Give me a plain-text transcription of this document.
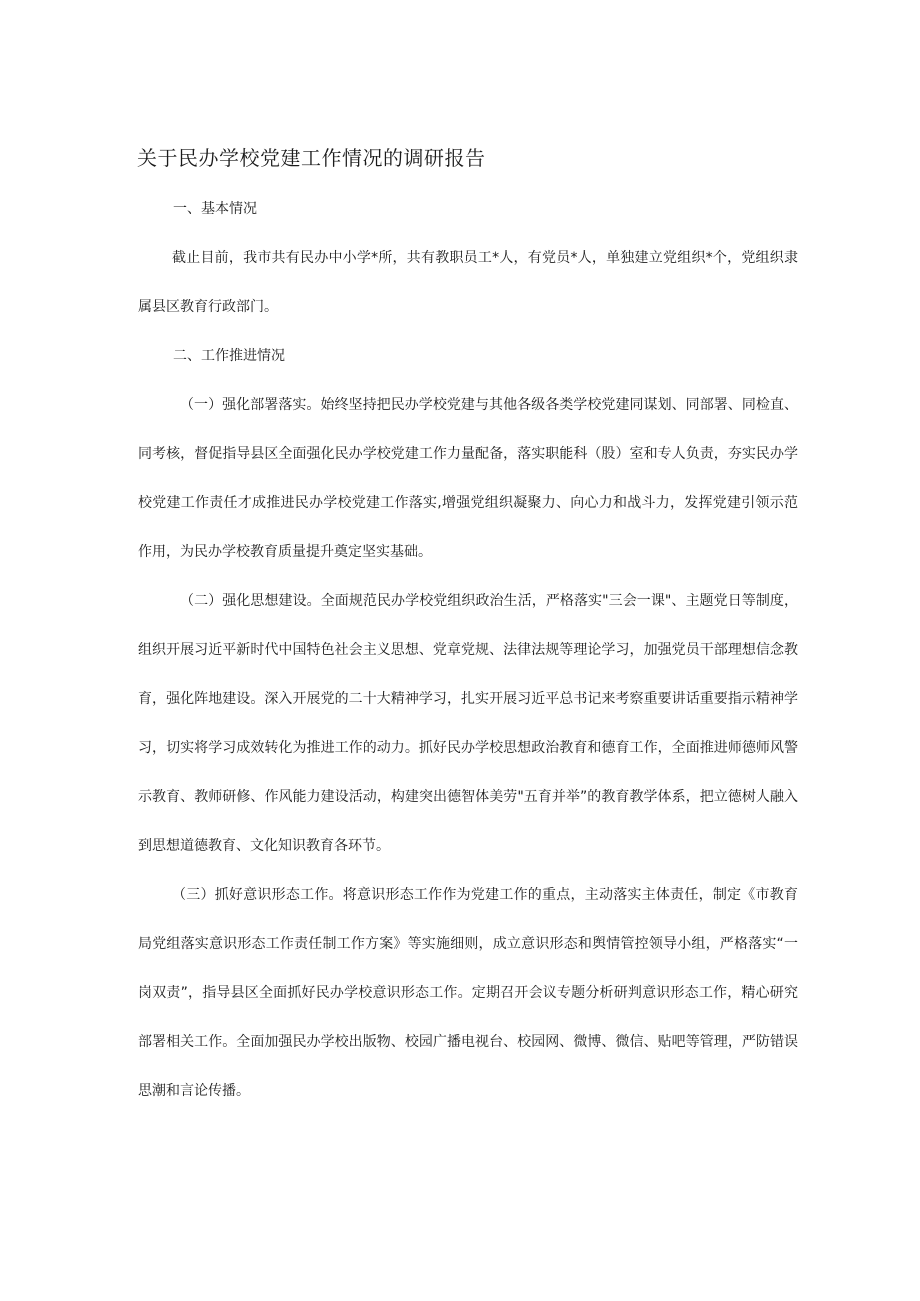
关于民办学校党建工作情况的调研报告

一、基本情况

截止目前，我市共有民办中小学*所，共有教职员工*人，有党员*人，单独建立党组织*个，党组织隶属县区教育行政部门。

二、工作推进情况

（一）强化部署落实。始终坚持把民办学校党建与其他各级各类学校党建同谋划、同部署、同检直、同考核，督促指导县区全面强化民办学校党建工作力量配备，落实职能科（股）室和专人负责，夯实民办学校党建工作责任才成推进民办学校党建工作落实,增强党组织凝聚力、向心力和战斗力，发挥党建引领示范作用，为民办学校教育质量提升奠定坚实基础。

（二）强化思想建设。全面规范民办学校党组织政治生活，严格落实"三会一课"、主题党日等制度，组织开展习近平新时代中国特色社会主义思想、党章党规、法律法规等理论学习，加强党员干部理想信念教育，强化阵地建设。深入开展党的二十大精神学习，扎实开展习近平总书记来考察重要讲话重要指示精神学习，切实将学习成效转化为推进工作的动力。抓好民办学校思想政治教育和德育工作，全面推进师德师风警示教育、教师研修、作风能力建设活动，构建突出德智体美劳"五育并举”的教育教学体系，把立德树人融入到思想道德教育、文化知识教育各环节。

（三）抓好意识形态工作。将意识形态工作作为党建工作的重点，主动落实主体责任，制定《市教育局党组落实意识形态工作责任制工作方案》等实施细则，成立意识形态和舆情管控领导小组，严格落实“一岗双责”，指导县区全面抓好民办学校意识形态工作。定期召开会议专题分析研判意识形态工作，精心研究部署相关工作。全面加强民办学校出版物、校园广播电视台、校园网、微博、微信、贴吧等管理，严防错误思潮和言论传播。
